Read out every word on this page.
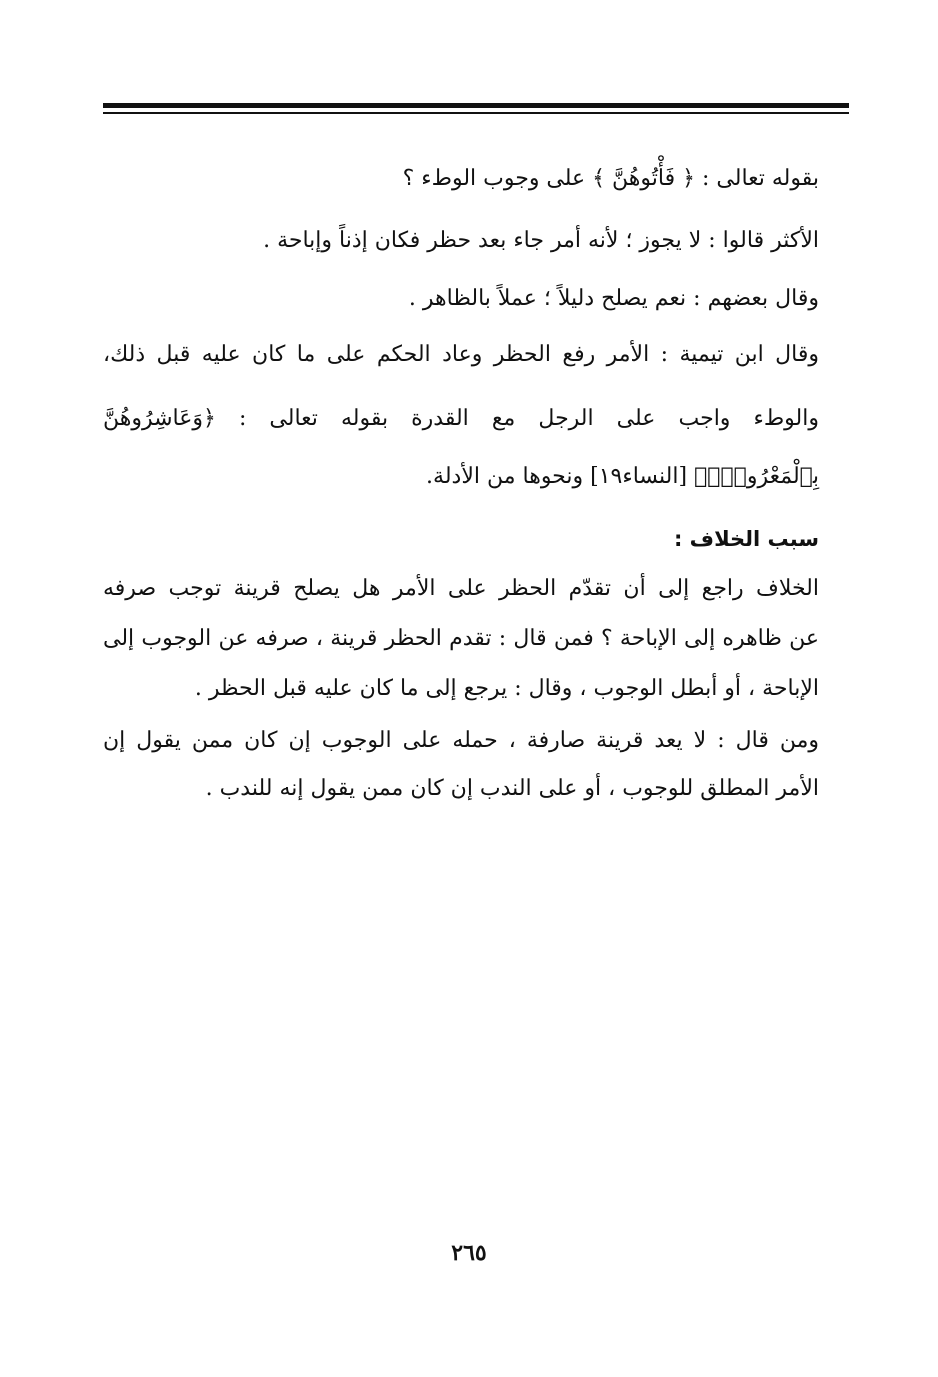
بقوله تعالى : ﴿ فَأْتُوهُنَّ ﴾ على وجوب الوطء ؟
الأكثر قالوا : لا يجوز ؛ لأنه أمر جاء بعد حظر فكان إذناً وإباحة .
وقال بعضهم : نعم يصلح دليلاً ؛ عملاً بالظاهر .
وقال ابن تيمية : الأمر رفع الحظر وعاد الحكم على ما كان عليه قبل ذلك،
والوطء واجب على الرجل مع القدرة بقوله تعالى : ﴿وَعَاشِرُوهُنَّ
بِٱلْمَعْرُوفِۚ﴾ [النساء١٩] ونحوها من الأدلة.
سبب الخلاف :
الخلاف راجع إلى أن تقدّم الحظر على الأمر هل يصلح قرينة توجب صرفه
عن ظاهره إلى الإباحة ؟ فمن قال : تقدم الحظر قرينة ، صرفه عن الوجوب إلى
الإباحة ، أو أبطل الوجوب ، وقال : يرجع إلى ما كان عليه قبل الحظر .
ومن قال : لا يعد قرينة صارفة ، حمله على الوجوب إن كان ممن يقول إن
الأمر المطلق للوجوب ، أو على الندب إن كان ممن يقول إنه للندب .
٢٦٥
